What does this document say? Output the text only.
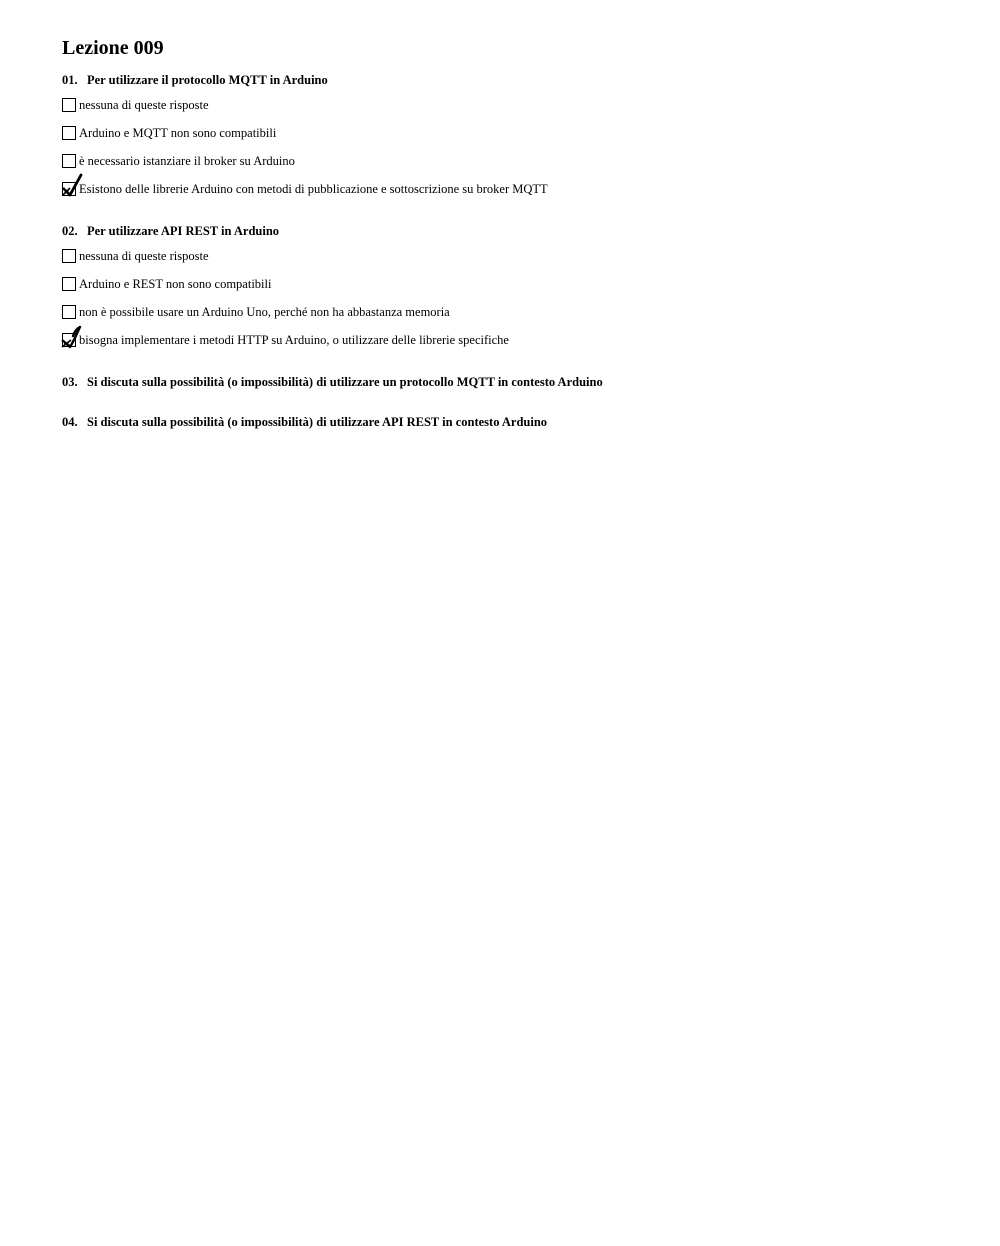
Lezione 009

01. Per utilizzare il protocollo MQTT in Arduino

nessuna di queste risposte
Arduino e MQTT non sono compatibili
è necessario istanziare il broker su Arduino
Esistono delle librerie Arduino con metodi di pubblicazione e sottoscrizione su broker MQTT

02. Per utilizzare API REST in Arduino

nessuna di queste risposte
Arduino e REST non sono compatibili
non è possibile usare un Arduino Uno, perché non ha abbastanza memoria
bisogna implementare i metodi HTTP su Arduino, o utilizzare delle librerie specifiche

03. Si discuta sulla possibilità (o impossibilità) di utilizzare un protocollo MQTT in contesto Arduino

04. Si discuta sulla possibilità (o impossibilità) di utilizzare API REST in contesto Arduino
